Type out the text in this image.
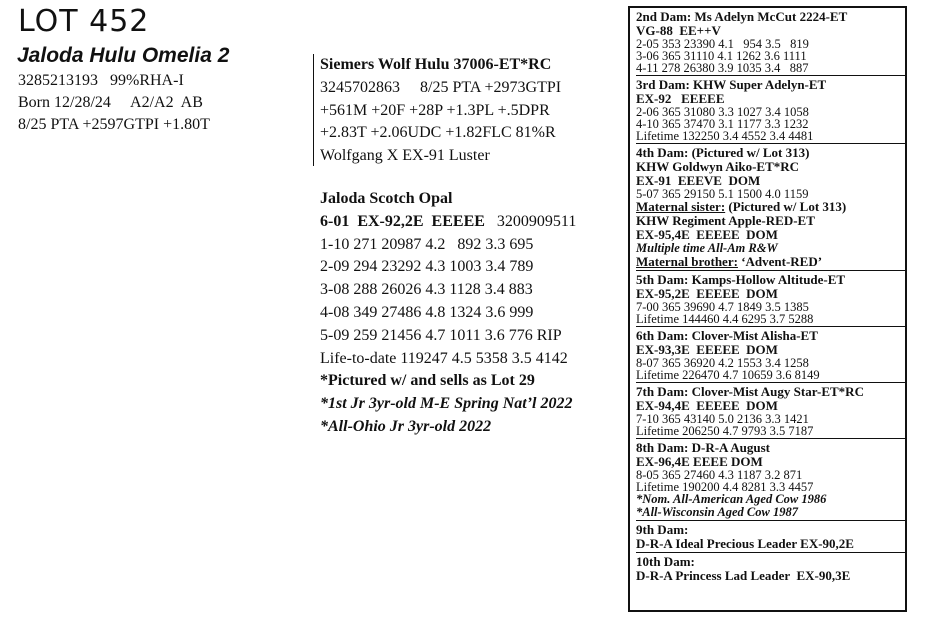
LOT 452
Jaloda Hulu Omelia 2
3285213193   99%RHA-I
Born 12/28/24     A2/A2  AB
8/25 PTA +2597GTPI +1.80T
Siemers Wolf Hulu 37006-ET*RC
3245702863     8/25 PTA +2973GTPI
+561M +20F +28P +1.3PL +.5DPR
+2.83T +2.06UDC +1.82FLC 81%R
Wolfgang X EX-91 Luster
Jaloda Scotch Opal
6-01  EX-92,2E  EEEEE 3200909511
1-10 271 20987 4.2   892 3.3 695
2-09 294 23292 4.3 1003 3.4 789
3-08 288 26026 4.3 1128 3.4 883
4-08 349 27486 4.8 1324 3.6 999
5-09 259 21456 4.7 1011 3.6 776 RIP
Life-to-date 119247 4.5 5358 3.5 4142
*Pictured w/ and sells as Lot 29
*1st Jr 3yr-old M-E Spring Nat’l 2022
*All-Ohio Jr 3yr-old 2022
2nd Dam: Ms Adelyn McCut 2224-ET
VG-88  EE++V
2-05 353 23390 4.1   954 3.5   819
3-06 365 31110 4.1 1262 3.6 1111
4-11 278 26380 3.9 1035 3.4   887
3rd Dam: KHW Super Adelyn-ET
EX-92   EEEEE
2-06 365 31080 3.3 1027 3.4 1058
4-10 365 37470 3.1 1177 3.3 1232
Lifetime 132250 3.4 4552 3.4 4481
4th Dam: (Pictured w/ Lot 313)
KHW Goldwyn Aiko-ET*RC
EX-91  EEEVE  DOM
5-07 365 29150 5.1 1500 4.0 1159
Maternal sister: (Pictured w/ Lot 313)
KHW Regiment Apple-RED-ET
EX-95,4E  EEEEE  DOM
Multiple time All-Am R&W
Maternal brother: ‘Advent-RED’
5th Dam: Kamps-Hollow Altitude-ET
EX-95,2E  EEEEE  DOM
7-00 365 39690 4.7 1849 3.5 1385
Lifetime 144460 4.4 6295 3.7 5288
6th Dam: Clover-Mist Alisha-ET
EX-93,3E  EEEEE  DOM
8-07 365 36920 4.2 1553 3.4 1258
Lifetime 226470 4.7 10659 3.6 8149
7th Dam: Clover-Mist Augy Star-ET*RC
EX-94,4E  EEEEE  DOM
7-10 365 43140 5.0 2136 3.3 1421
Lifetime 206250 4.7 9793 3.5 7187
8th Dam: D-R-A August
EX-96,4E EEEE DOM
8-05 365 27460 4.3 1187 3.2 871
Lifetime 190200 4.4 8281 3.3 4457
*Nom. All-American Aged Cow 1986
*All-Wisconsin Aged Cow 1987
9th Dam:
D-R-A Ideal Precious Leader EX-90,2E
10th Dam:
D-R-A Princess Lad Leader  EX-90,3E
